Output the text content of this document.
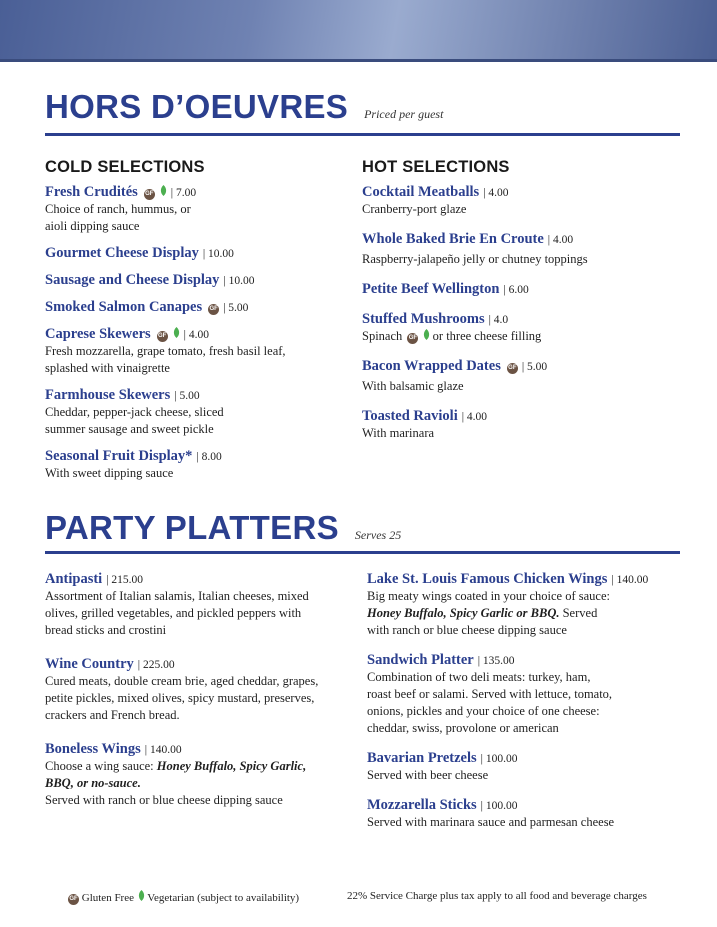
HORS D’OEUVRES Priced per guest
COLD SELECTIONS
Fresh Crudités GF | 7.00
Choice of ranch, hummus, or
aioli dipping sauce
Gourmet Cheese Display | 10.00
Sausage and Cheese Display | 10.00
Smoked Salmon Canapes GF | 5.00
Caprese Skewers GF | 4.00
Fresh mozzarella, grape tomato, fresh basil leaf,
splashed with vinaigrette
Farmhouse Skewers | 5.00
Cheddar, pepper-jack cheese, sliced
summer sausage and sweet pickle
Seasonal Fruit Display* | 8.00
With sweet dipping sauce
HOT SELECTIONS
Cocktail Meatballs | 4.00
Cranberry-port glaze
Whole Baked Brie En Croute | 4.00
Raspberry-jalapeño jelly or chutney toppings
Petite Beef Wellington | 6.00
Stuffed Mushrooms | 4.0
Spinach GF or three cheese filling
Bacon Wrapped Dates GF | 5.00
With balsamic glaze
Toasted Ravioli | 4.00
With marinara
PARTY PLATTERS Serves 25
Antipasti | 215.00
Assortment of Italian salamis, Italian cheeses, mixed
olives, grilled vegetables, and pickled peppers with
bread sticks and crostini
Wine Country | 225.00
Cured meats, double cream brie, aged cheddar, grapes,
petite pickles, mixed olives, spicy mustard, preserves,
crackers and French bread.
Boneless Wings | 140.00
Choose a wing sauce: Honey Buffalo, Spicy Garlic,
BBQ, or no-sauce.
Served with ranch or blue cheese dipping sauce
Lake St. Louis Famous Chicken Wings | 140.00
Big meaty wings coated in your choice of sauce:
Honey Buffalo, Spicy Garlic or BBQ. Served
with ranch or blue cheese dipping sauce
Sandwich Platter | 135.00
Combination of two deli meats: turkey, ham,
roast beef or salami. Served with lettuce, tomato,
onions, pickles and your choice of one cheese:
cheddar, swiss, provolone or american
Bavarian Pretzels | 100.00
Served with beer cheese
Mozzarella Sticks | 100.00
Served with marinara sauce and parmesan cheese
GF Gluten Free Vegetarian (subject to availability)	22% Service Charge plus tax apply to all food and beverage charges
